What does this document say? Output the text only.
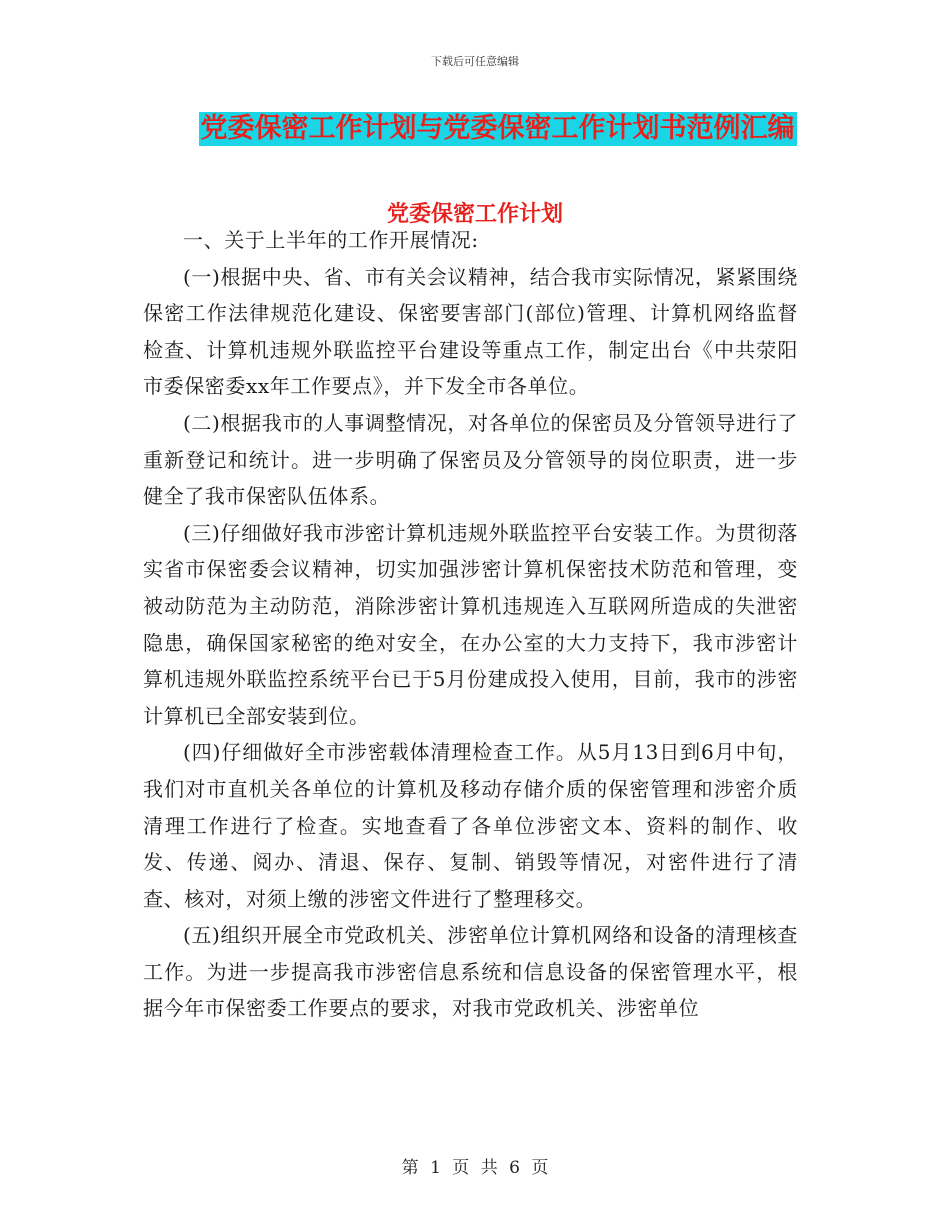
下载后可任意编辑
党委保密工作计划与党委保密工作计划书范例汇编
党委保密工作计划

一、关于上半年的工作开展情况:

(一)根据中央、省、市有关会议精神，结合我市实际情况，紧紧围绕保密工作法律规范化建设、保密要害部门(部位)管理、计算机网络监督检查、计算机违规外联监控平台建设等重点工作，制定出台《中共荥阳市委保密委xx年工作要点》，并下发全市各单位。

(二)根据我市的人事调整情况，对各单位的保密员及分管领导进行了重新登记和统计。进一步明确了保密员及分管领导的岗位职责，进一步健全了我市保密队伍体系。

(三)仔细做好我市涉密计算机违规外联监控平台安装工作。为贯彻落实省市保密委会议精神，切实加强涉密计算机保密技术防范和管理，变被动防范为主动防范，消除涉密计算机违规连入互联网所造成的失泄密隐患，确保国家秘密的绝对安全，在办公室的大力支持下，我市涉密计算机违规外联监控系统平台已于5月份建成投入使用，目前，我市的涉密计算机已全部安装到位。

(四)仔细做好全市涉密载体清理检查工作。从5月13日到6月中旬，我们对市直机关各单位的计算机及移动存储介质的保密管理和涉密介质清理工作进行了检查。实地查看了各单位涉密文本、资料的制作、收发、传递、阅办、清退、保存、复制、销毁等情况，对密件进行了清查、核对，对须上缴的涉密文件进行了整理移交。

(五)组织开展全市党政机关、涉密单位计算机网络和设备的清理核查工作。为进一步提高我市涉密信息系统和信息设备的保密管理水平，根据今年市保密委工作要点的要求，对我市党政机关、涉密单位

第 1 页 共 6 页
